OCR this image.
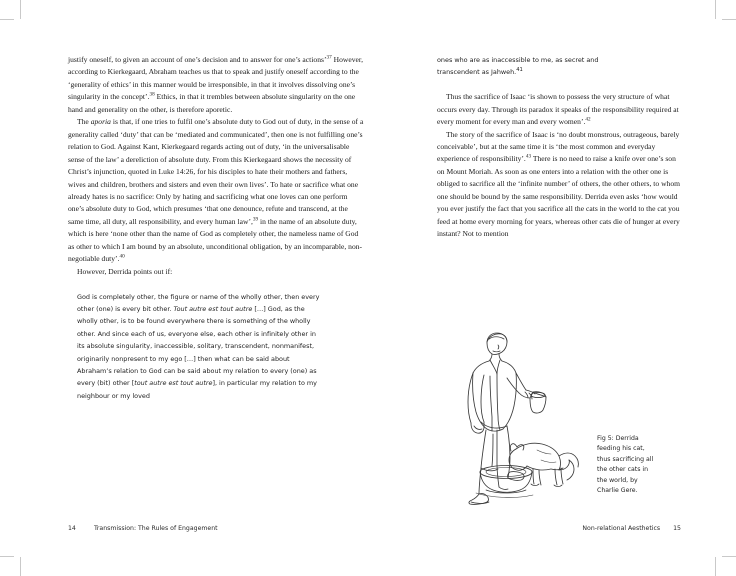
justify oneself, to given an account of one’s decision and to answer for one’s actions’$^{37}$ However, according to Kierkegaard, Abraham teaches us that to speak and justify oneself according to the ‘generality of ethics’ in this manner would be irresponsible, in that it involves dissolving one’s singularity in the concept’.$^{38}$ Ethics, in that it trembles between absolute singularity on the one hand and generality on the other, is therefore aporetic.

The aporia is that, if one tries to fulfil one’s absolute duty to God out of duty, in the sense of a generality called ‘duty’ that can be ‘mediated and communicated’, then one is not fulfilling one’s relation to God. Against Kant, Kierkegaard regards acting out of duty, ‘in the universalisable sense of the law’ a dereliction of absolute duty. From this Kierkegaard shows the necessity of Christ’s injunction, quoted in Luke 14:26, for his disciples to hate their mothers and fathers, wives and children, brothers and sisters and even their own lives’. To hate or sacrifice what one already hates is no sacrifice: Only by hating and sacrificing what one loves can one perform one’s absolute duty to God, which presumes ‘that one denounce, refute and transcend, at the same time, all duty, all responsibility, and every human law’,$^{39}$ in the name of an absolute duty, which is here ‘none other than the name of God as completely other, the nameless name of God as other to which I am bound by an absolute, unconditional obligation, by an incomparable, non-negotiable duty’.$^{40}$

However, Derrida points out if:

God is completely other, the figure or name of the wholly other, then every other (one) is every bit other. Tout autre est tout autre […] God, as the wholly other, is to be found everywhere there is something of the wholly other. And since each of us, everyone else, each other is infinitely other in its absolute singularity, inaccessible, solitary, transcendent, nonmanifest, originarily nonpresent to my ego […] then what can be said about Abraham’s relation to God can be said about my relation to every (one) as every (bit) other [tout autre est tout autre], in particular my relation to my neighbour or my loved

ones who are as inaccessible to me, as secret and transcendent as Jahweh.$^{41}$

Thus the sacrifice of Isaac ‘is shown to possess the very structure of what occurs every day. Through its paradox it speaks of the responsibility required at every moment for every man and every women’.$^{42}$

The story of the sacrifice of Isaac is ‘no doubt monstrous, outrageous, barely conceivable’, but at the same time it is ‘the most common and everyday experience of responsibility’.$^{43}$ There is no need to raise a knife over one’s son on Mount Moriah. As soon as one enters into a relation with the other one is obliged to sacrifice all the ‘infinite number’ of others, the other others, to whom one should be bound by the same responsibility. Derrida even asks ‘how would you ever justify the fact that you sacrifice all the cats in the world to the cat you feed at home every morning for years, whereas other cats die of hunger at every instant? Not to mention

Fig 5: Derrida feeding his cat, thus sacrificing all the other cats in the world, by Charlie Gere.
14	Transmission: The Rules of Engagement	Non-relational Aesthetics 15
